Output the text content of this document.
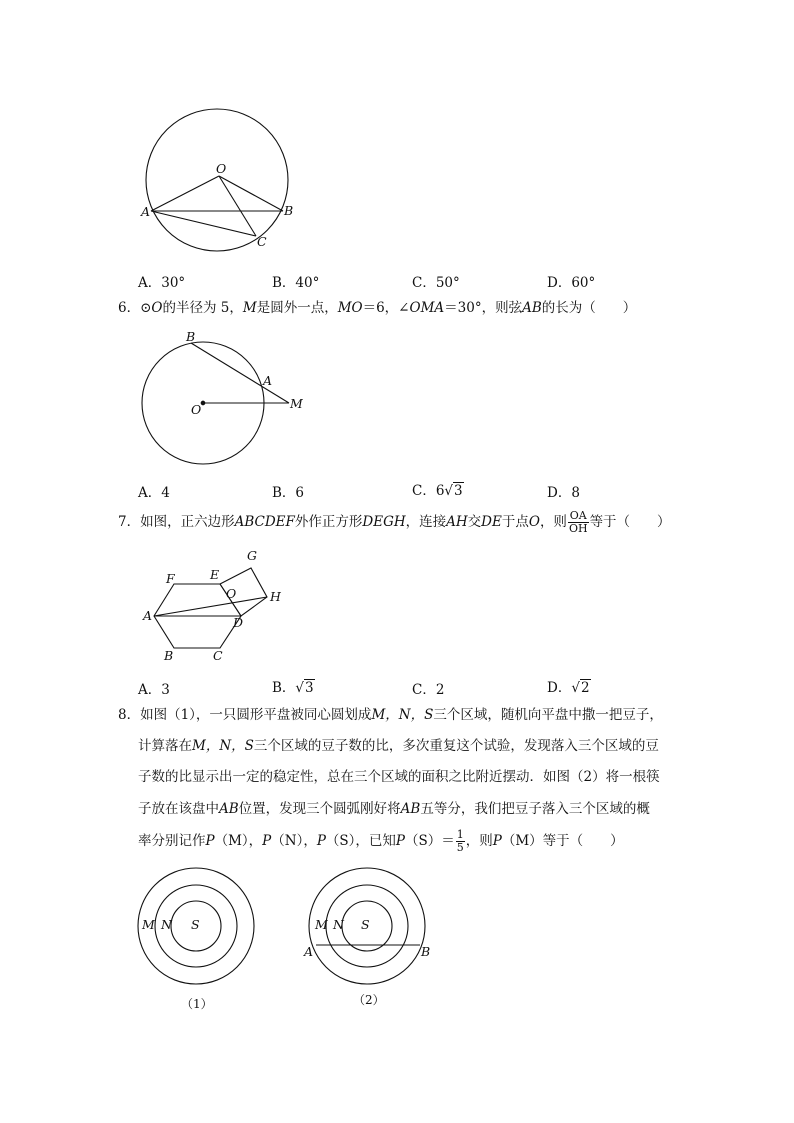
O
A	B
C
A．30°	B．40°	C．50°	D．60°
6．⊙O的半径为 5，M是圆外一点，MO＝6，∠OMA＝30°，则弦AB的长为（　　）
B
A
O	M
A．4	B．6	C．6√3	D．8
7．如图，正六边形ABCDEF外作正方形DEGH，连接AH交DE于点O，则 $\frac{OA}{OH}$ 等于（　　）
G
F	E
O	H
A	D
B	C
A．3	B．√3	C．2	D．√2
8．如图（1），一只圆形平盘被同心圆划成M，N，S三个区域，随机向平盘中撒一把豆子，
计算落在M，N，S三个区域的豆子数的比，多次重复这个试验，发现落入三个区域的豆
子数的比显示出一定的稳定性，总在三个区域的面积之比附近摆动．如图（2）将一根筷
子放在该盘中AB位置，发现三个圆弧刚好将AB五等分，我们把豆子落入三个区域的概
率分别记作P（M），P（N），P（S），已知$P(S)= \frac{1}{5}$ ，则P（M）等于（　　）
M N S
（1）
M N S
A	B
（2）
